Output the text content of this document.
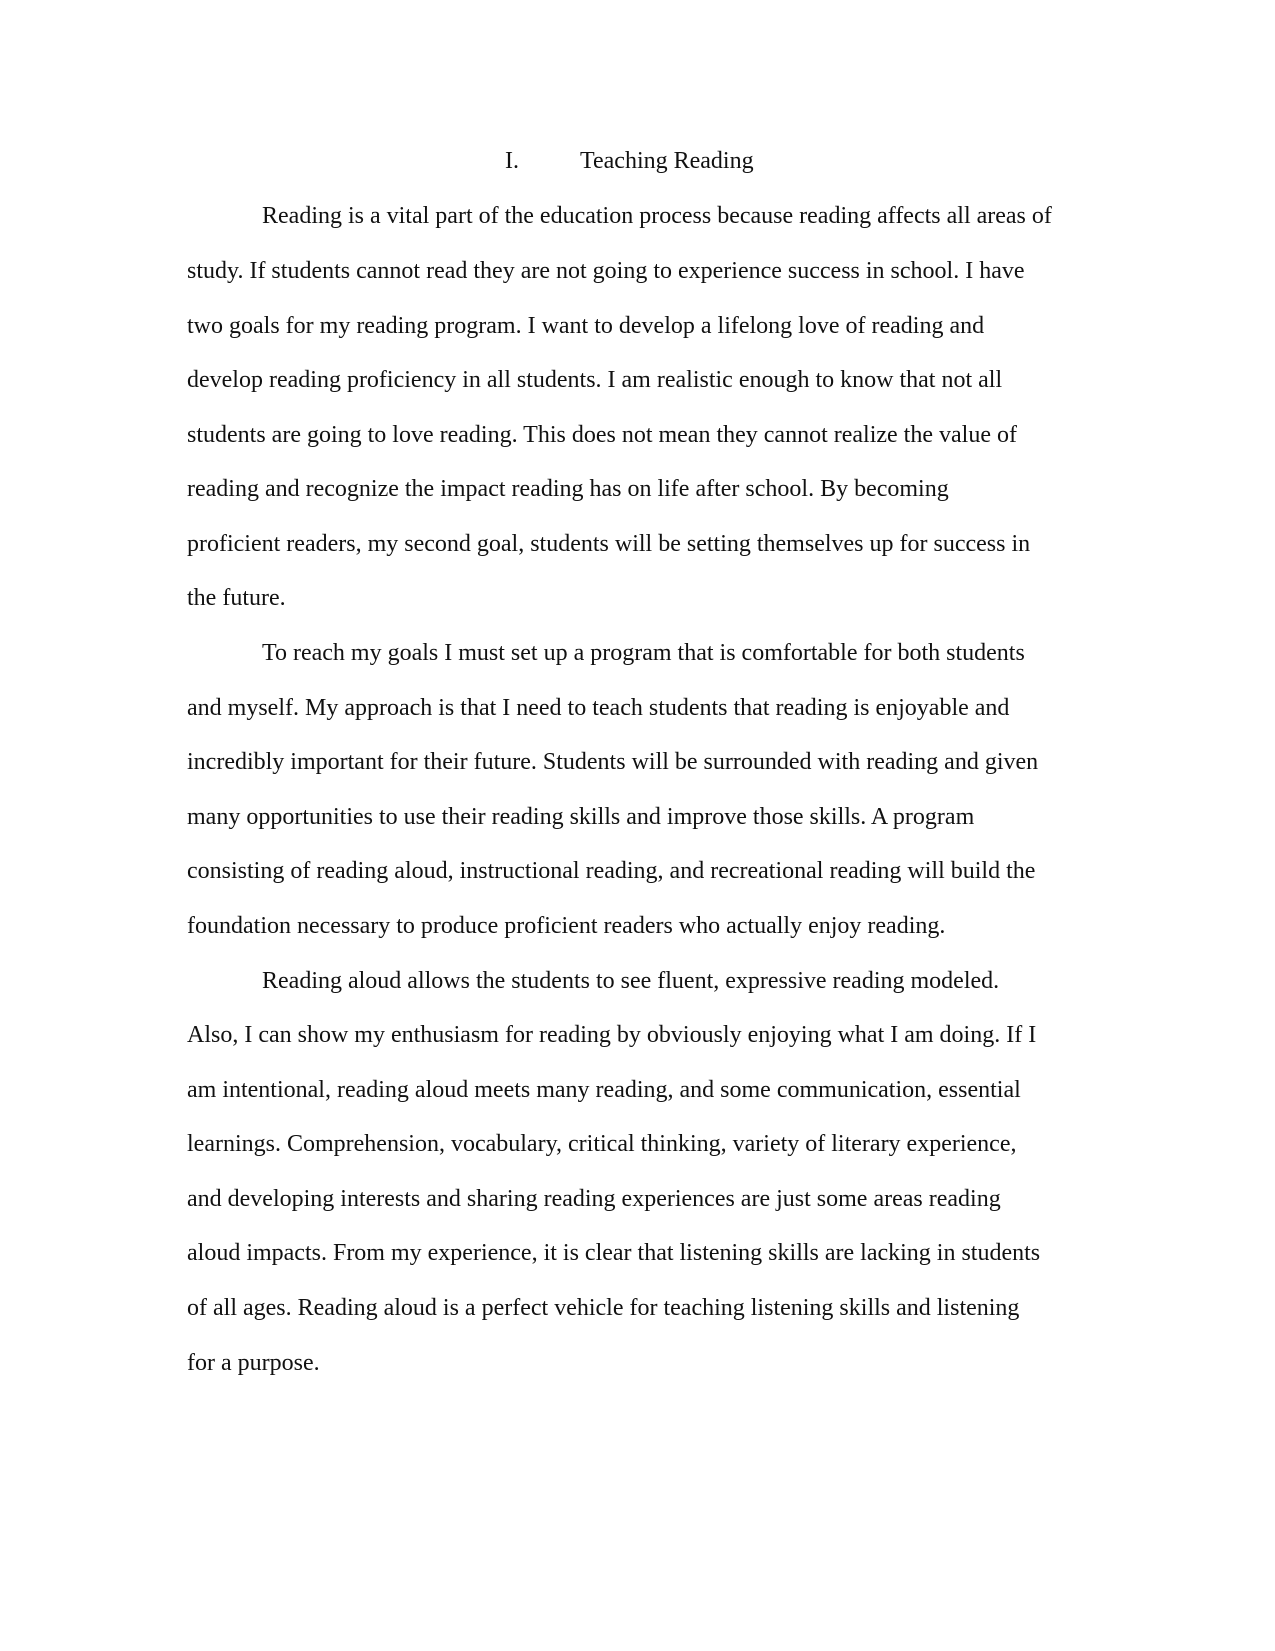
I.	Teaching Reading

Reading is a vital part of the education process because reading affects all areas of

study. If students cannot read they are not going to experience success in school. I have

two goals for my reading program. I want to develop a lifelong love of reading and

develop reading proficiency in all students. I am realistic enough to know that not all

students are going to love reading. This does not mean they cannot realize the value of

reading and recognize the impact reading has on life after school. By becoming

proficient readers, my second goal, students will be setting themselves up for success in

the future.

To reach my goals I must set up a program that is comfortable for both students

and myself. My approach is that I need to teach students that reading is enjoyable and

incredibly important for their future. Students will be surrounded with reading and given

many opportunities to use their reading skills and improve those skills. A program

consisting of reading aloud, instructional reading, and recreational reading will build the

foundation necessary to produce proficient readers who actually enjoy reading.

Reading aloud allows the students to see fluent, expressive reading modeled.

Also, I can show my enthusiasm for reading by obviously enjoying what I am doing. If I

am intentional, reading aloud meets many reading, and some communication, essential

learnings. Comprehension, vocabulary, critical thinking, variety of literary experience,

and developing interests and sharing reading experiences are just some areas reading

aloud impacts. From my experience, it is clear that listening skills are lacking in students

of all ages. Reading aloud is a perfect vehicle for teaching listening skills and listening

for a purpose.
